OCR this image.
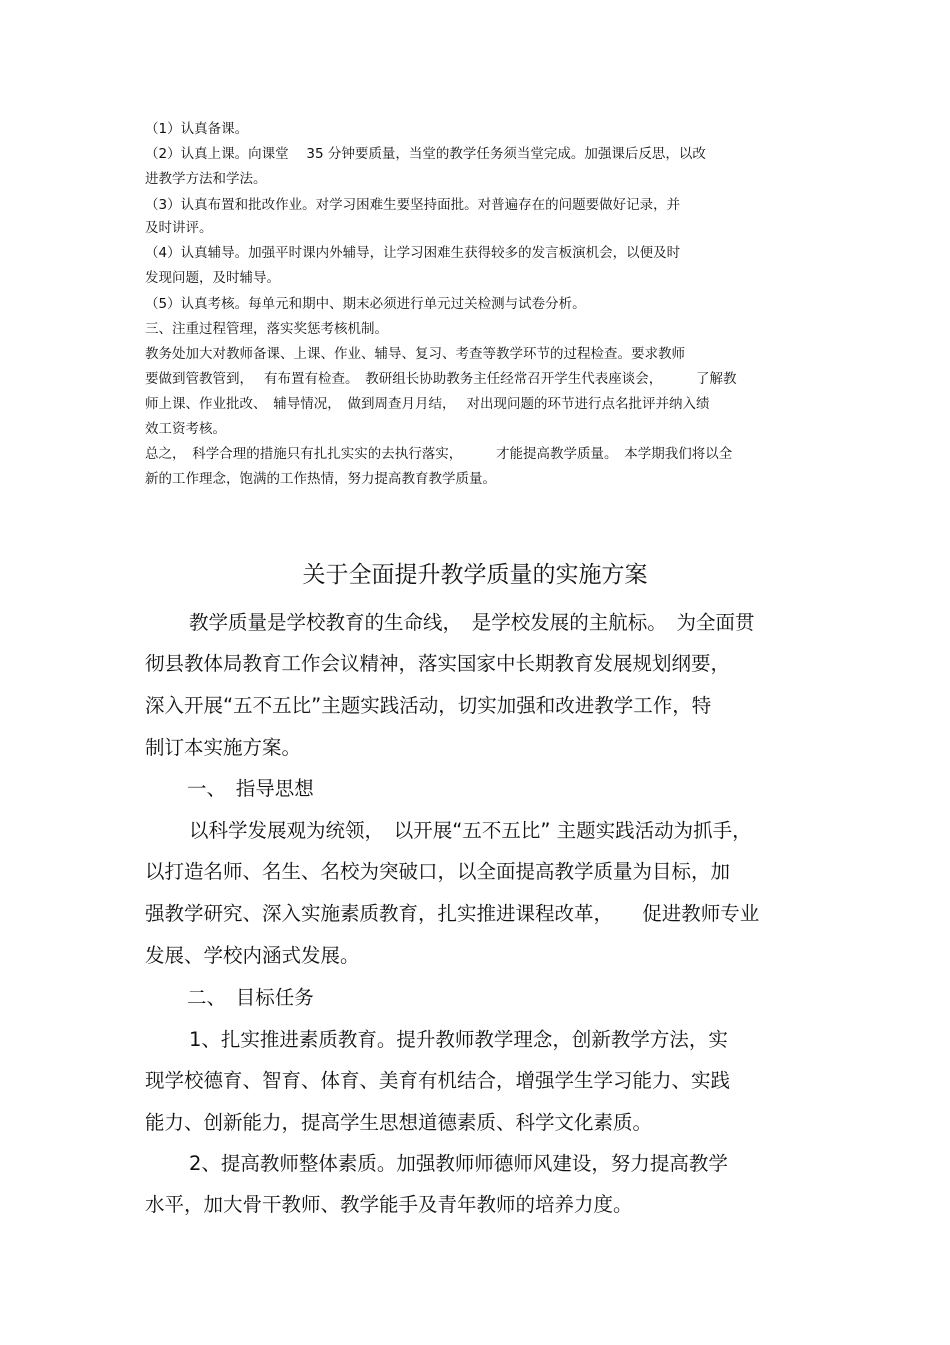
（1）认真备课。
（2）认真上课。向课堂　 35 分钟要质量，当堂的教学任务须当堂完成。加强课后反思，以改
进教学方法和学法。
（3）认真布置和批改作业。对学习困难生要坚持面批。对普遍存在的问题要做好记录，并
及时讲评。
（4）认真辅导。加强平时课内外辅导，让学习困难生获得较多的发言板演机会，以便及时
发现问题，及时辅导。
（5）认真考核。每单元和期中、期末必须进行单元过关检测与试卷分析。
三、注重过程管理，落实奖惩考核机制。
教务处加大对教师备课、上课、作业、辅导、复习、考查等教学环节的过程检查。要求教师
要做到管教管到，　 有布置有检查。　教研组长协助教务主任经常召开学生代表座谈会，　　　了解教
师上课、作业批改、　辅导情况，　做到周查月月结，　 对出现问题的环节进行点名批评并纳入绩
效工资考核。
总之，　科学合理的措施只有扎扎实实的去执行落实，　　　才能提高教学质量。　本学期我们将以全
新的工作理念，饱满的工作热情，努力提高教育教学质量。
关于全面提升教学质量的实施方案
教学质量是学校教育的生命线，　是学校发展的主航标。　为全面贯
彻县教体局教育工作会议精神，落实国家中长期教育发展规划纲要，
深入开展“五不五比”主题实践活动，切实加强和改进教学工作，特
制订本实施方案。
一、　指导思想
以科学发展观为统领，　以开展“五不五比” 主题实践活动为抓手，
以打造名师、名生、名校为突破口，以全面提高教学质量为目标，加
强教学研究、深入实施素质教育，扎实推进课程改革，　　促进教师专业
发展、学校内涵式发展。
二、　目标任务
1、扎实推进素质教育。提升教师教学理念，创新教学方法，实
现学校德育、智育、体育、美育有机结合，增强学生学习能力、实践
能力、创新能力，提高学生思想道德素质、科学文化素质。
2、提高教师整体素质。加强教师师德师风建设，努力提高教学
水平，加大骨干教师、教学能手及青年教师的培养力度。
